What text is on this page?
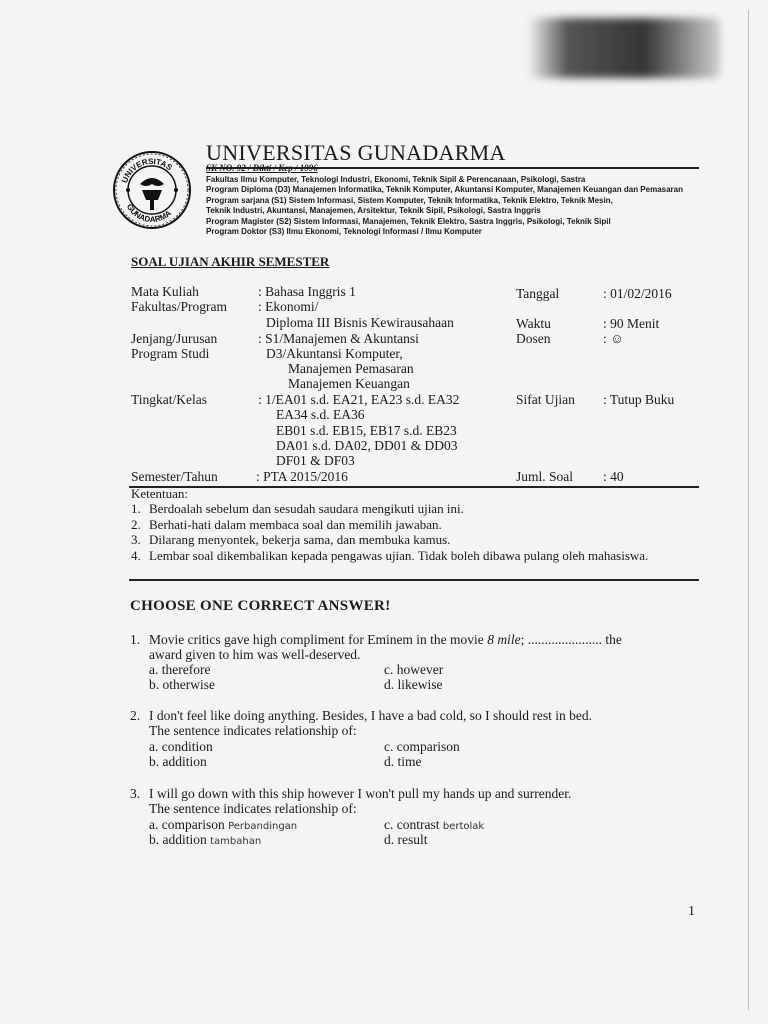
UNIVERSITAS
GUNADARMA
UNIVERSITAS GUNADARMA
SK NO. 92 / Dikti / Kep / 1996
Fakultas Ilmu Komputer, Teknologi Industri, Ekonomi, Teknik Sipil & Perencanaan, Psikologi, Sastra
Program Diploma (D3) Manajemen Informatika, Teknik Komputer, Akuntansi Komputer, Manajemen Keuangan dan Pemasaran
Program sarjana (S1) Sistem Informasi, Sistem Komputer, Teknik Informatika, Teknik Elektro, Teknik Mesin,
Teknik Industri, Akuntansi, Manajemen, Arsitektur, Teknik Sipil, Psikologi, Sastra Inggris
Program Magister (S2) Sistem Informasi, Manajemen, Teknik Elektro, Sastra Inggris, Psikologi, Teknik Sipil
Program Doktor (S3) Ilmu Ekonomi, Teknologi Informasi / Ilmu Komputer
SOAL UJIAN AKHIR SEMESTER
Mata Kuliah	: Bahasa Inggris 1
Fakultas/Program : Ekonomi/
Diploma III Bisnis Kewirausahaan
Jenjang/Jurusan	: S1/Manajemen & Akuntansi
Program Studi	D3/Akuntansi Komputer,
Manajemen Pemasaran
Manajemen Keuangan
Tingkat/Kelas	: 1/EA01 s.d. EA21, EA23 s.d. EA32
EA34 s.d. EA36
EB01 s.d. EB15, EB17 s.d. EB23
DA01 s.d. DA02, DD01 & DD03
DF01 & DF03
Semester/Tahun	: PTA 2015/2016
Tanggal	: 01/02/2016
Waktu	: 90 Menit
Dosen	: ☺
Sifat Ujian : Tutup Buku
Juml. Soal : 40
Ketentuan:
1. Berdoalah sebelum dan sesudah saudara mengikuti ujian ini.
2. Berhati-hati dalam membaca soal dan memilih jawaban.
3. Dilarang menyontek, bekerja sama, dan membuka kamus.
4. Lembar soal dikembalikan kepada pengawas ujian. Tidak boleh dibawa pulang oleh mahasiswa.
CHOOSE ONE CORRECT ANSWER!
1. Movie critics gave high compliment for Eminem in the movie 8 mile; ...................... the
award given to him was well-deserved.
a. therefore	c. however
b. otherwise	d. likewise
2. I don't feel like doing anything. Besides, I have a bad cold, so I should rest in bed.
The sentence indicates relationship of:
a. condition	c. comparison
b. addition	d. time
3. I will go down with this ship however I won't pull my hands up and surrender.
The sentence indicates relationship of:
a. comparison Perbandingan	c. contrast bertolak
b. addition tambahan	d. result
1
